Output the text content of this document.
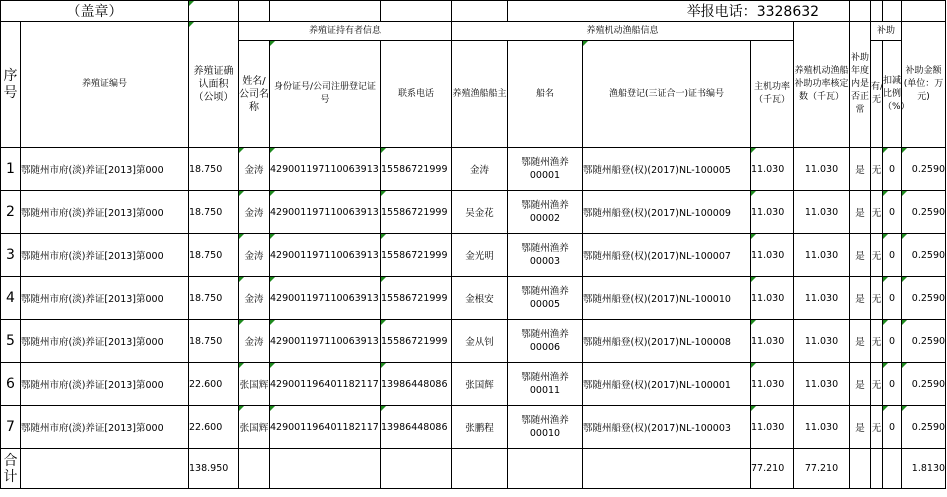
（盖章）							举报电话：3328632							
序号	养殖证编号	养殖证确认面积（公顷）	养殖证持有者信息			养殖机动渔船信息				养殖机动渔船补助功率核定数（千瓦）	补助年度内是否正常	补助		补助金额(单位：万元)
			姓名/公司名称	身份证号/公司注册登记证号	联系电话	养殖渔船船主	船名	渔船登记(三证合一)证书编号	主机功率（千瓦）			有/无	扣减比例（%）	
1	鄂随州市府(淡)养证[2013]第000	18.750	金涛	429001197110063913	15586721999	金涛	鄂随州渔养00001	鄂随州船登(权)(2017)NL-100005	11.030	11.030	是	无	0	0.2590
2	鄂随州市府(淡)养证[2013]第000	18.750	金涛	429001197110063913	15586721999	吴金花	鄂随州渔养00002	鄂随州船登(权)(2017)NL-100009	11.030	11.030	是	无	0	0.2590
3	鄂随州市府(淡)养证[2013]第000	18.750	金涛	429001197110063913	15586721999	金光明	鄂随州渔养00003	鄂随州船登(权)(2017)NL-100007	11.030	11.030	是	无	0	0.2590
4	鄂随州市府(淡)养证[2013]第000	18.750	金涛	429001197110063913	15586721999	金根安	鄂随州渔养00005	鄂随州船登(权)(2017)NL-100010	11.030	11.030	是	无	0	0.2590
5	鄂随州市府(淡)养证[2013]第000	18.750	金涛	429001197110063913	15586721999	金从钊	鄂随州渔养00006	鄂随州船登(权)(2017)NL-100008	11.030	11.030	是	无	0	0.2590
6	鄂随州市府(淡)养证[2013]第000	22.600	张国辉	429001196401182117	13986448086	张国辉	鄂随州渔养00011	鄂随州船登(权)(2017)NL-100001	11.030	11.030	是	无	0	0.2590
7	鄂随州市府(淡)养证[2013]第000	22.600	张国辉	429001196401182117	13986448086	张鹏程	鄂随州渔养00010	鄂随州船登(权)(2017)NL-100003	11.030	11.030	是	无	0	0.2590
合计		138.950							77.210	77.210				1.8130
